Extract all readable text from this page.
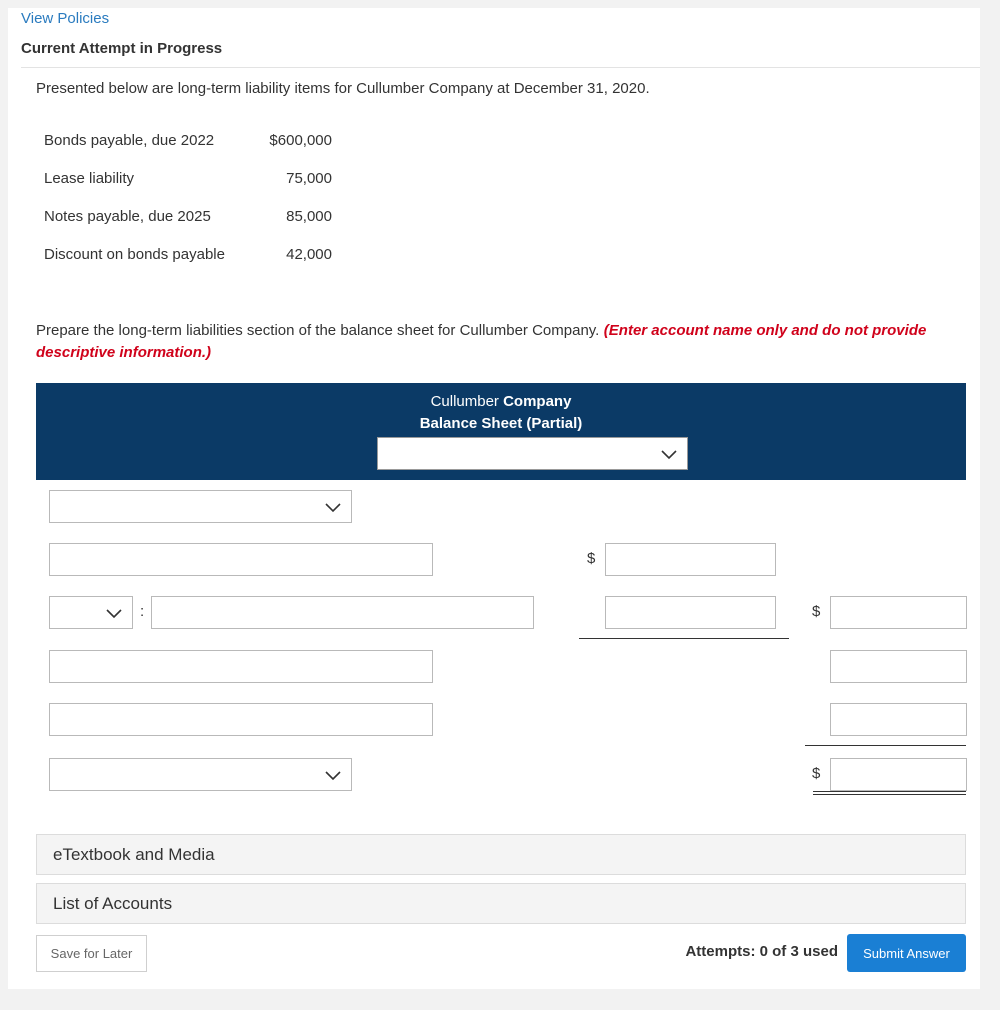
View Policies
Current Attempt in Progress
Presented below are long-term liability items for Cullumber Company at December 31, 2020.
Bonds payable, due 2022	$600,000
Lease liability	75,000
Notes payable, due 2025	85,000
Discount on bonds payable	42,000
Prepare the long-term liabilities section of the balance sheet for Cullumber Company. (Enter account name only and do not provide
descriptive information.)
Cullumber Company
Balance Sheet (Partial)
$
:	$
$
eTextbook and Media
List of Accounts
Save for Later	Attempts: 0 of 3 used	Submit Answer
